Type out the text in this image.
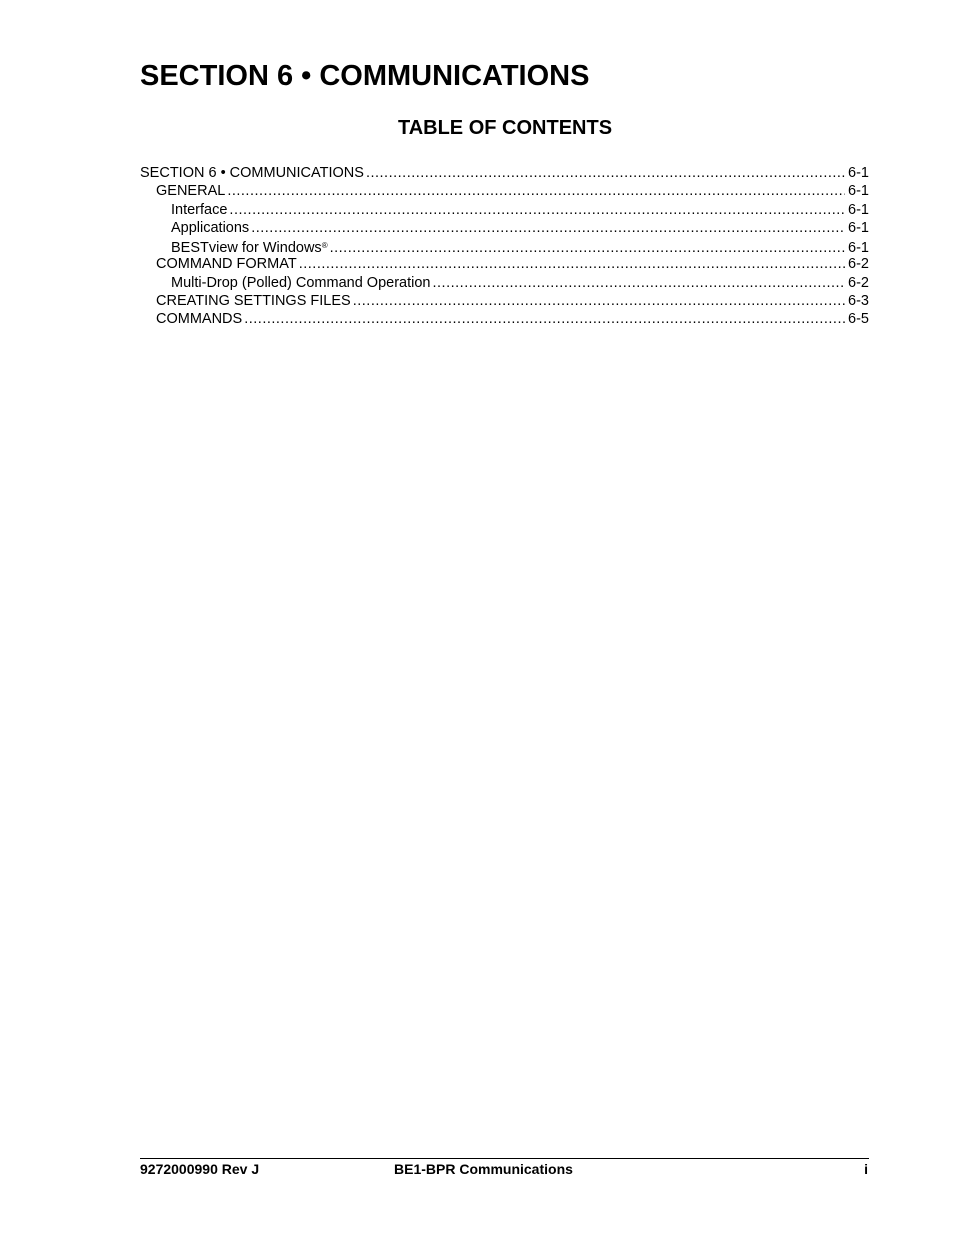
SECTION 6 • COMMUNICATIONS
TABLE OF CONTENTS
SECTION 6 • COMMUNICATIONS .....	6-1
GENERAL .....	6-1
Interface .....	6-1
Applications .....	6-1
BESTview for Windows® .....	6-1
COMMAND FORMAT .....	6-2
Multi-Drop (Polled) Command Operation .....	6-2
CREATING SETTINGS FILES .....	6-3
COMMANDS .....	6-5
9272000990 Rev J	BE1-BPR Communications	i
